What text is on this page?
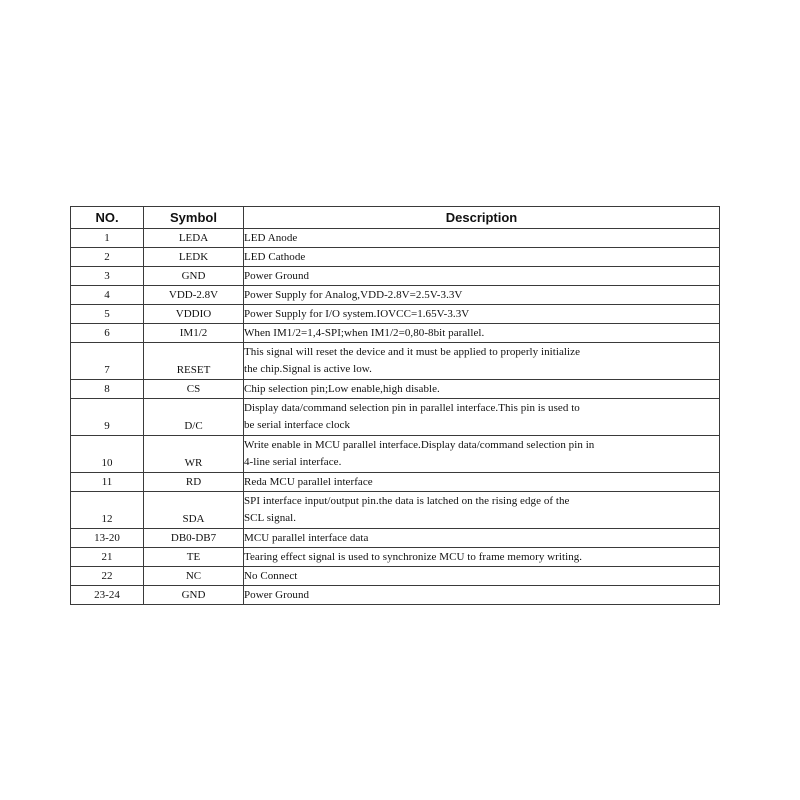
NO.	Symbol	Description
1	LEDA	LED Anode

2	LEDK	LED Cathode

3	GND	Power Ground

4	VDD-2.8V	Power Supply for Analog,VDD-2.8V=2.5V-3.3V

5	VDDIO	Power Supply for I/O system.IOVCC=1.65V-3.3V

6	IM1/2	When IM1/2=1,4-SPI;when IM1/2=0,80-8bit parallel.

7	RESET	This signal will reset the device and it must be applied to properly initialize
the chip.Signal is active low.

8	CS	Chip selection pin;Low enable,high disable.

9	D/C	Display data/command selection pin in parallel interface.This pin is used to
be serial interface clock

10	WR	Write enable in MCU parallel interface.Display data/command selection pin in
4-line serial interface.

11	RD	Reda MCU parallel interface

12	SDA	SPI interface input/output pin.the data is latched on the rising edge of the
SCL signal.

13-20	DB0-DB7	MCU parallel interface data

21	TE	Tearing effect signal is used to synchronize MCU to frame memory writing.

22	NC	No Connect

23-24	GND	Power Ground
